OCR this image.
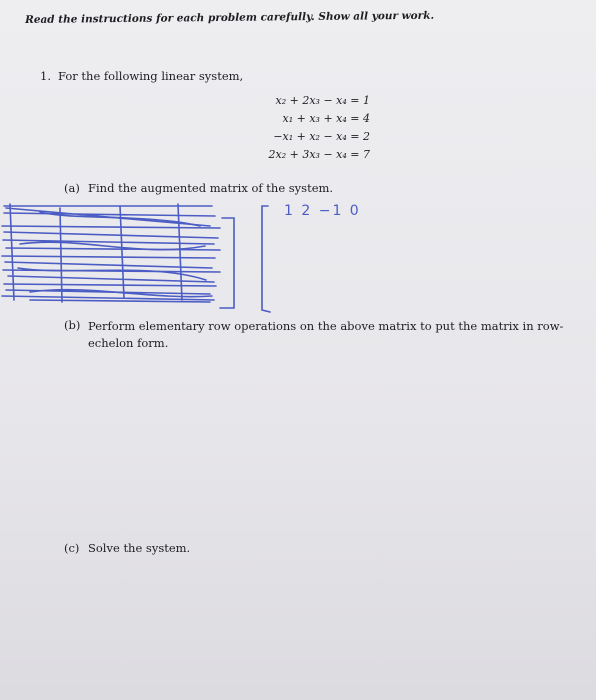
Read the instructions for each problem carefully. Show all your work.
1. For the following linear system,
x₂ + 2x₃ − x₄ = 1
x₁ + x₃ + x₄ = 4
−x₁ + x₂ − x₄ = 2
2x₂ + 3x₃ − x₄ = 7
(a) Find the augmented matrix of the system.
1 2 −1 0
(b) Perform elementary row operations on the above matrix to put the matrix in row-echelon form.
(c) Solve the system.
